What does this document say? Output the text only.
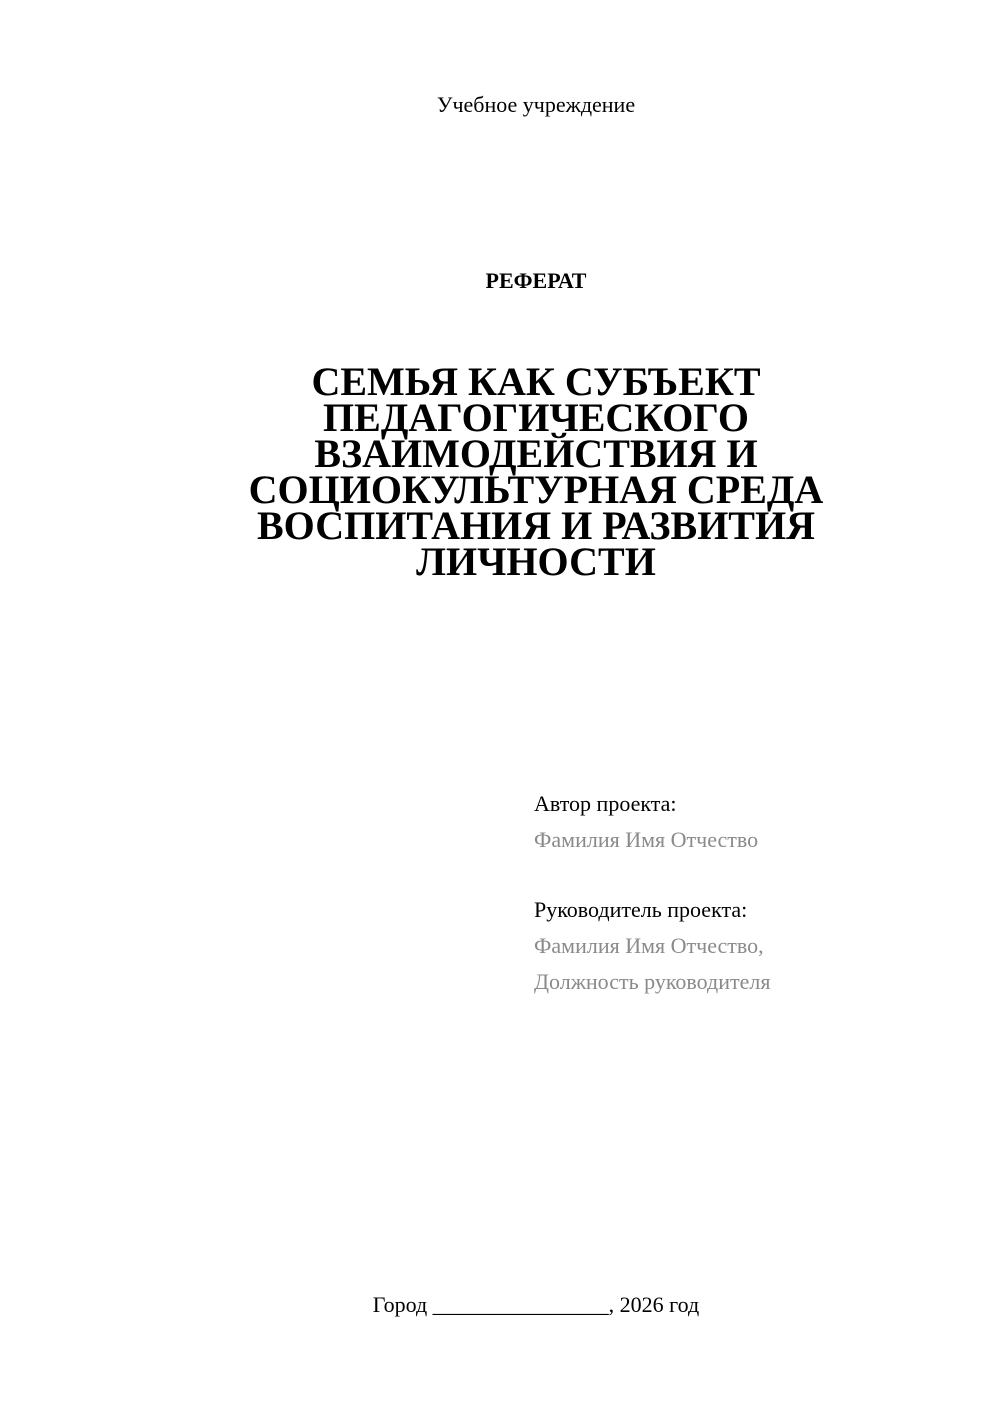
Учебное учреждение
РЕФЕРАТ
СЕМЬЯ КАК СУБЪЕКТ ПЕДАГОГИЧЕСКОГО ВЗАИМОДЕЙСТВИЯ И СОЦИОКУЛЬТУРНАЯ СРЕДА ВОСПИТАНИЯ И РАЗВИТИЯ ЛИЧНОСТИ
Автор проекта:
Фамилия Имя Отчество
Руководитель проекта:
Фамилия Имя Отчество,
Должность руководителя
Город ________________, 2026 год
